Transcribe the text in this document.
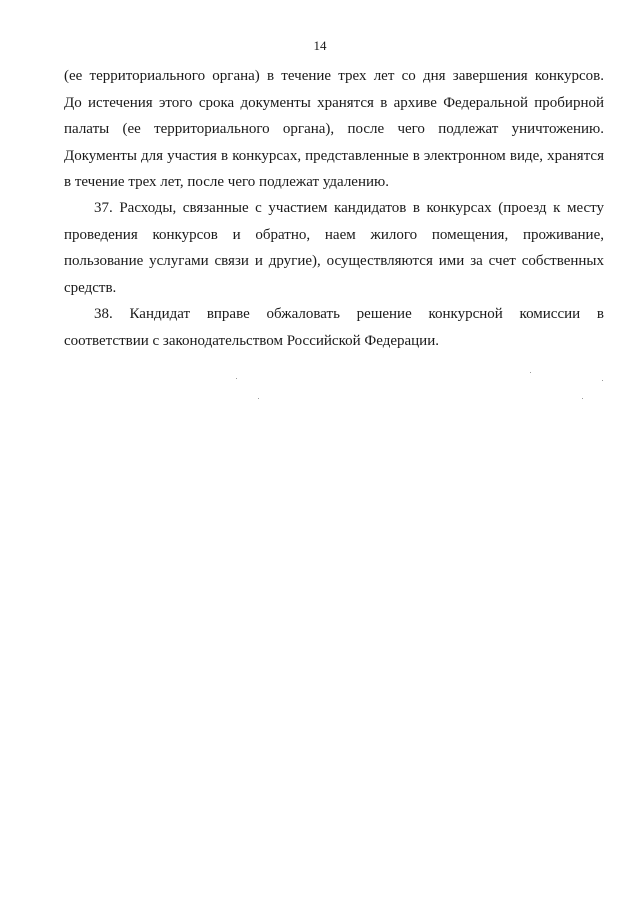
14
(ее территориального органа) в течение трех лет со дня завершения конкурсов.
До истечения этого срока документы хранятся в архиве Федеральной пробирной
палаты (ее территориального органа), после чего подлежат уничтожению.
Документы для участия в конкурсах, представленные в электронном виде, хранятся
в течение трех лет, после чего подлежат удалению.
37. Расходы, связанные с участием кандидатов в конкурсах (проезд к месту
проведения конкурсов и обратно, наем жилого помещения, проживание,
пользование услугами связи и другие), осуществляются ими за счет собственных
средств.
38. Кандидат вправе обжаловать решение конкурсной комиссии в
соответствии с законодательством Российской Федерации.
